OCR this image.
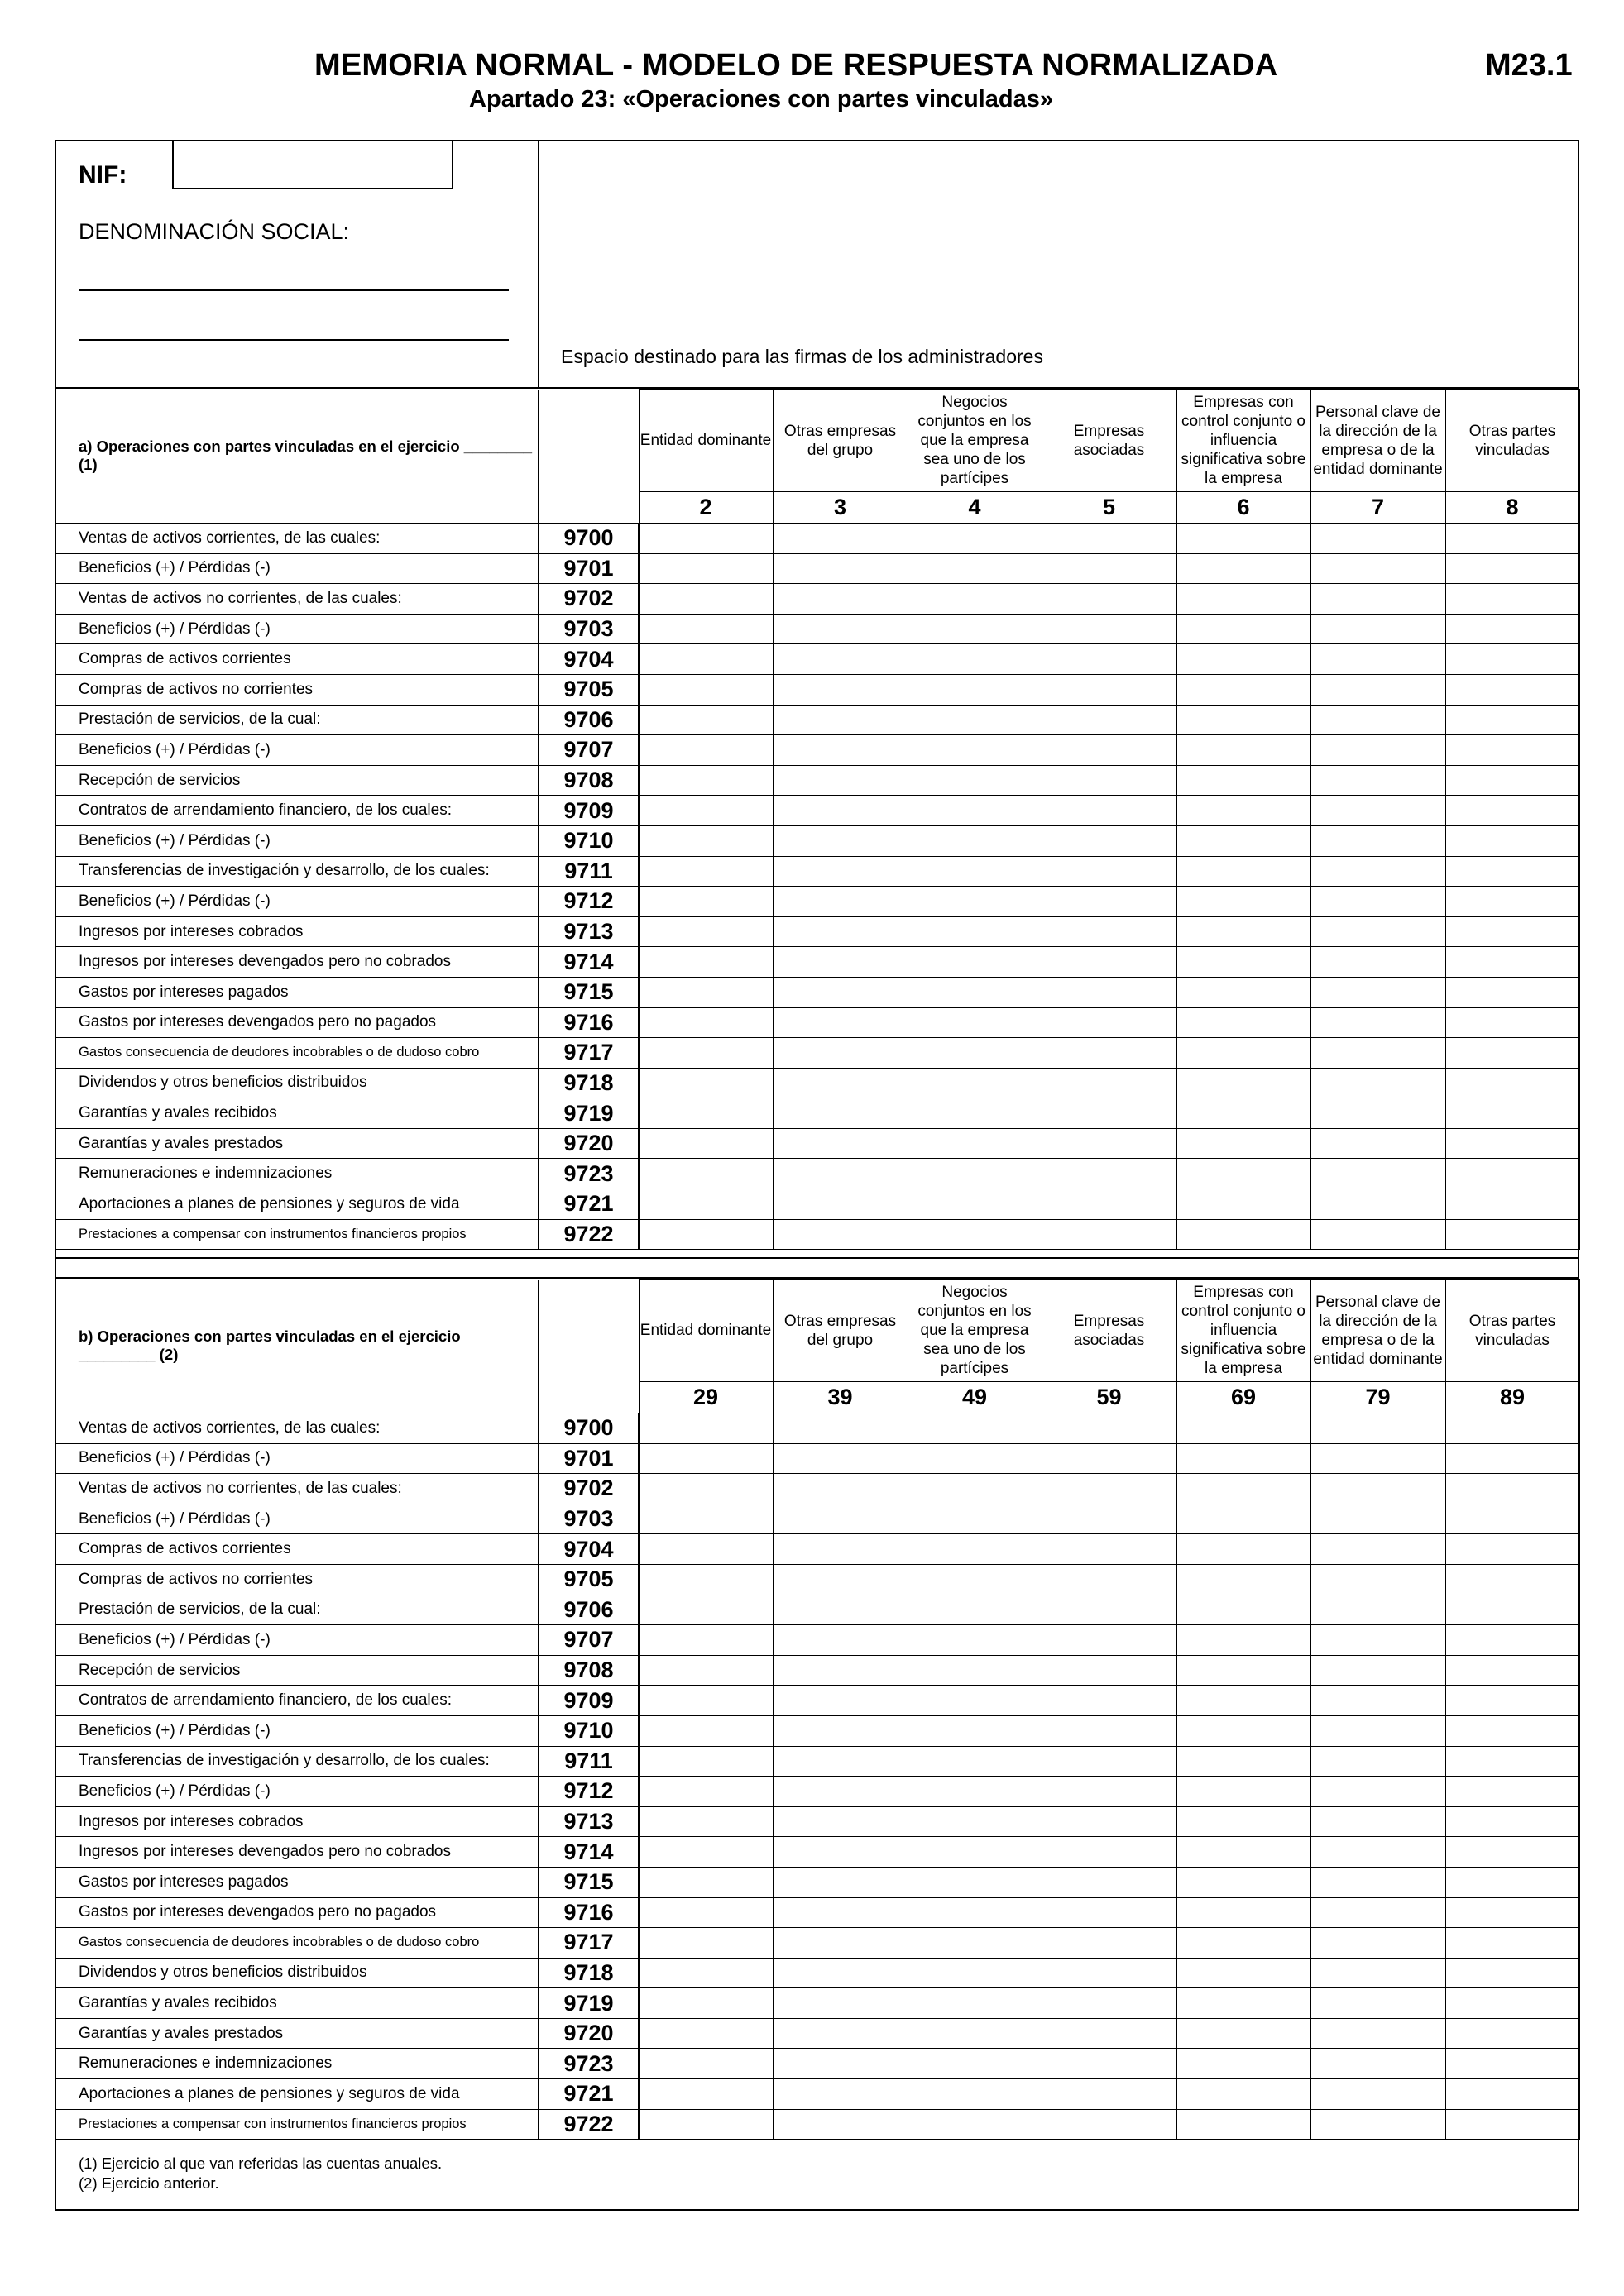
MEMORIA NORMAL - MODELO DE RESPUESTA NORMALIZADA	M23.1
Apartado 23: «Operaciones con partes vinculadas»
NIF:
DENOMINACIÓN SOCIAL:
Espacio destinado para las firmas de los administradores
a) Operaciones con partes vinculadas en el ejercicio ________ (1)		Entidad dominante	Otras empresas del grupo	Negocios conjuntos en los que la empresa sea uno de los partícipes	Empresas asociadas	Empresas con control conjunto o influencia significativa sobre la empresa	Personal clave de la dirección de la empresa o de la entidad dominante	Otras partes vinculadas
		2	3	4	5	6	7	8
Ventas de activos corrientes, de las cuales:	9700							
Beneficios (+) / Pérdidas (-)	9701							
Ventas de activos no corrientes, de las cuales:	9702							
Beneficios (+) / Pérdidas (-)	9703							
Compras de activos corrientes	9704							
Compras de activos no corrientes	9705							
Prestación de servicios, de la cual:	9706							
Beneficios (+) / Pérdidas (-)	9707							
Recepción de servicios	9708							
Contratos de arrendamiento financiero, de los cuales:	9709							
Beneficios (+) / Pérdidas (-)	9710							
Transferencias de investigación y desarrollo, de los cuales:	9711							
Beneficios (+) / Pérdidas (-)	9712							
Ingresos por intereses cobrados	9713							
Ingresos por intereses devengados pero no cobrados	9714							
Gastos por intereses pagados	9715							
Gastos por intereses devengados pero no pagados	9716							
Gastos consecuencia de deudores incobrables o de dudoso cobro	9717							
Dividendos y otros beneficios distribuidos	9718							
Garantías y avales recibidos	9719							
Garantías y avales prestados	9720							
Remuneraciones e indemnizaciones	9723							
Aportaciones a planes de pensiones y seguros de vida	9721							
Prestaciones a compensar con instrumentos financieros propios	9722							
b) Operaciones con partes vinculadas en el ejercicio _________ (2)		Entidad dominante	Otras empresas del grupo	Negocios conjuntos en los que la empresa sea uno de los partícipes	Empresas asociadas	Empresas con control conjunto o influencia significativa sobre la empresa	Personal clave de la dirección de la empresa o de la entidad dominante	Otras partes vinculadas
		29	39	49	59	69	79	89
Ventas de activos corrientes, de las cuales:	9700							
Beneficios (+) / Pérdidas (-)	9701							
Ventas de activos no corrientes, de las cuales:	9702							
Beneficios (+) / Pérdidas (-)	9703							
Compras de activos corrientes	9704							
Compras de activos no corrientes	9705							
Prestación de servicios, de la cual:	9706							
Beneficios (+) / Pérdidas (-)	9707							
Recepción de servicios	9708							
Contratos de arrendamiento financiero, de los cuales:	9709							
Beneficios (+) / Pérdidas (-)	9710							
Transferencias de investigación y desarrollo, de los cuales:	9711							
Beneficios (+) / Pérdidas (-)	9712							
Ingresos por intereses cobrados	9713							
Ingresos por intereses devengados pero no cobrados	9714							
Gastos por intereses pagados	9715							
Gastos por intereses devengados pero no pagados	9716							
Gastos consecuencia de deudores incobrables o de dudoso cobro	9717							
Dividendos y otros beneficios distribuidos	9718							
Garantías y avales recibidos	9719							
Garantías y avales prestados	9720							
Remuneraciones e indemnizaciones	9723							
Aportaciones a planes de pensiones y seguros de vida	9721							
Prestaciones a compensar con instrumentos financieros propios	9722							
(1) Ejercicio al que van referidas las cuentas anuales.
(2) Ejercicio anterior.
